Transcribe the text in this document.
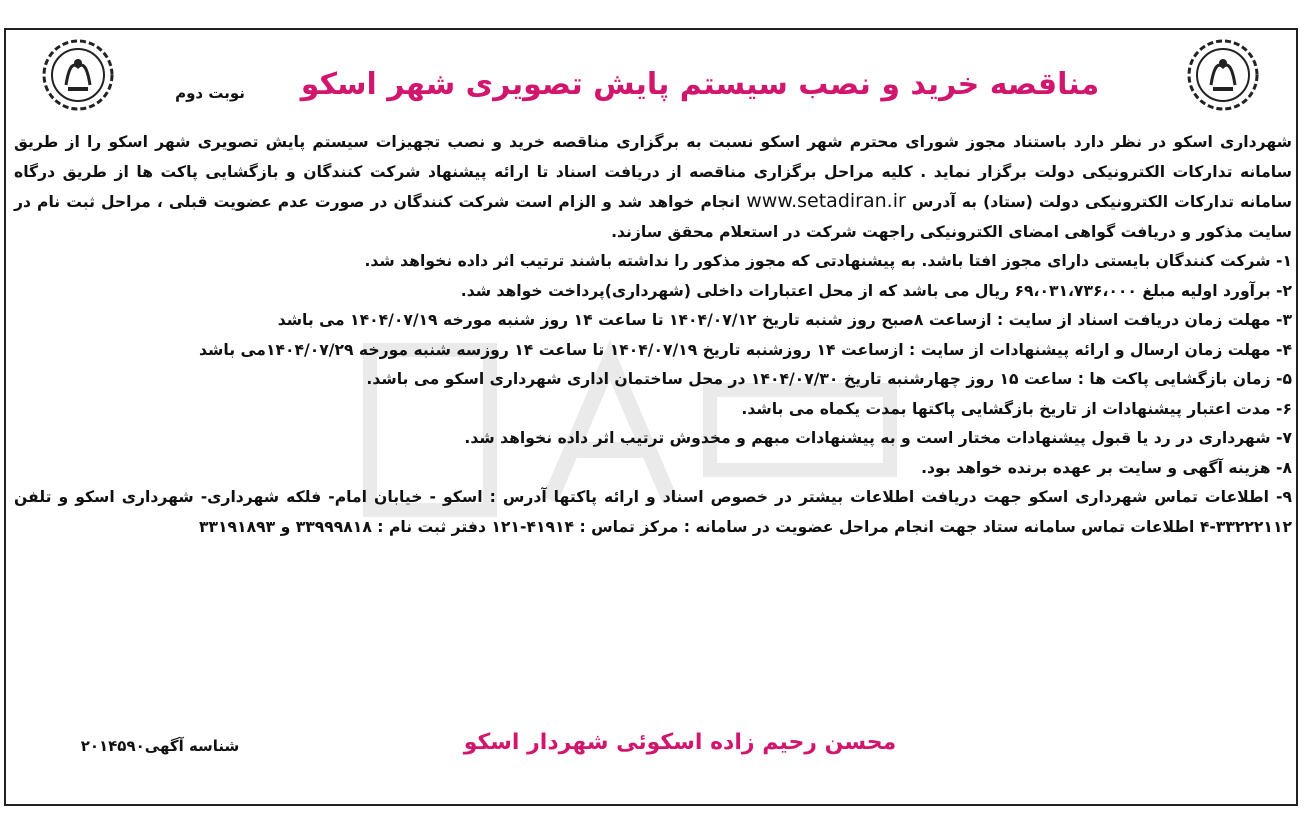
مناقصه خرید و نصب سیستم پایش تصویری شهر اسکو
نوبت دوم

شهرداری اسکو در نظر دارد باستناد مجوز شورای محترم شهر اسکو نسبت به برگزاری مناقصه خرید و نصب تجهیزات سیستم پایش تصویری شهر اسکو را از طریق سامانه تدارکات الکترونیکی دولت برگزار نماید . کلیه مراحل برگزاری مناقصه از دریافت اسناد تا ارائه پیشنهاد شرکت کنندگان و بازگشایی پاکت ها از طریق درگاه سامانه تدارکات الکترونیکی دولت (ستاد) به آدرس www.setadiran.ir انجام خواهد شد و الزام است شرکت کنندگان در صورت عدم عضویت قبلی ، مراحل ثبت نام در سایت مذکور و دریافت گواهی امضای الکترونیکی راجهت شرکت در استعلام محقق سازند.

۱- شرکت کنندگان بایستی دارای مجوز افتا باشد. به پیشنهادتی که مجوز مذکور را نداشته باشند ترتیب اثر داده نخواهد شد.

۲- برآورد اولیه مبلغ ۶۹،۰۳۱،۷۳۶،۰۰۰ ریال می باشد که از محل اعتبارات داخلی (شهرداری)پرداخت خواهد شد.

۳- مهلت زمان دریافت اسناد از سایت : ازساعت ۸صبح روز شنبه تاریخ ۱۴۰۴/۰۷/۱۲ تا ساعت ۱۴ روز شنبه مورخه ۱۴۰۴/۰۷/۱۹ می باشد

۴- مهلت زمان ارسال و ارائه پیشنهادات از سایت : ازساعت ۱۴ روزشنبه تاریخ ۱۴۰۴/۰۷/۱۹ تا ساعت ۱۴ روزسه شنبه مورخه ۱۴۰۴/۰۷/۲۹می باشد

۵- زمان بازگشایی پاکت ها : ساعت ۱۵ روز چهارشنبه تاریخ ۱۴۰۴/۰۷/۳۰ در محل ساختمان اداری شهرداری اسکو می باشد.

۶- مدت اعتبار پیشنهادات از تاریخ بازگشایی پاکتها بمدت یکماه می باشد.

۷- شهرداری در رد یا قبول پیشنهادات مختار است و به پیشنهادات مبهم و مخدوش ترتیب اثر داده نخواهد شد.

۸- هزینه آگهی و سایت بر عهده برنده خواهد بود.

۹- اطلاعات تماس شهرداری اسکو جهت دریافت اطلاعات بیشتر در خصوص اسناد و ارائه پاکتها آدرس : اسکو - خیابان امام- فلکه شهرداری- شهرداری اسکو و تلفن ۳۳۲۲۲۱۱۲-۴ اطلاعات تماس سامانه ستاد جهت انجام مراحل عضویت در سامانه : مرکز تماس : ۴۱۹۱۴-۱۲۱ دفتر ثبت نام : ۳۳۹۹۹۸۱۸ و ۳۳۱۹۱۸۹۳

محسن رحیم زاده اسکوئی شهردار اسکو
شناسه آگهی۲۰۱۴۵۹۰
